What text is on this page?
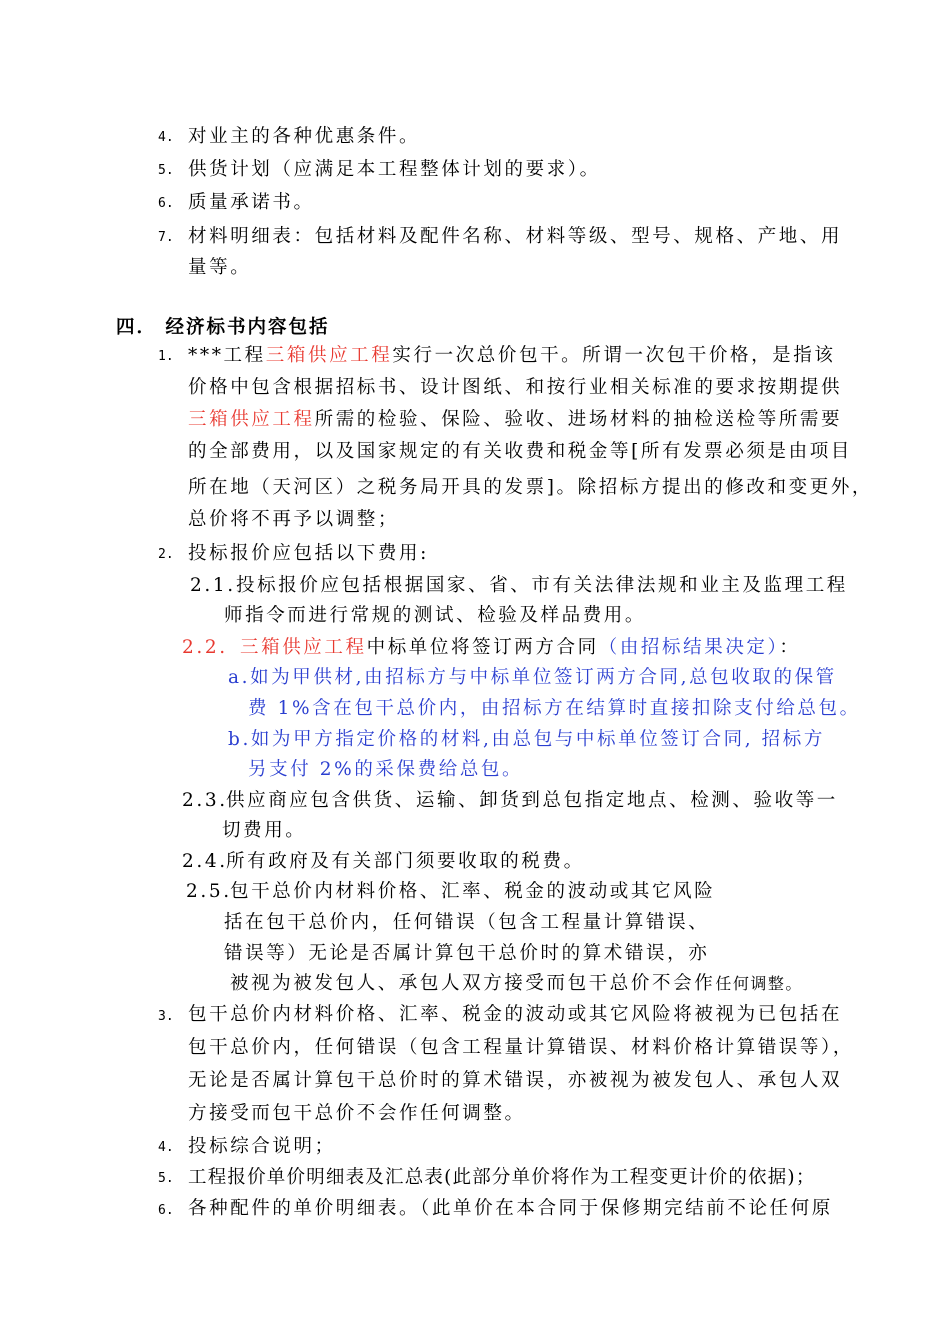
4. 对业主的各种优惠条件。
5. 供货计划（应满足本工程整体计划的要求）。
6. 质量承诺书。
7. 材料明细表：包括材料及配件名称、材料等级、型号、规格、产地、用
量等。
四． 经济标书内容包括
1. ***工程三箱供应工程实行一次总价包干。所谓一次包干价格，是指该
价格中包含根据招标书、设计图纸、和按行业相关标准的要求按期提供
三箱供应工程所需的检验、保险、验收、进场材料的抽检送检等所需要
的全部费用，以及国家规定的有关收费和税金等[所有发票必须是由项目
所在地（天河区）之税务局开具的发票]。除招标方提出的修改和变更外，
总价将不再予以调整；
2. 投标报价应包括以下费用:
2.1. 投标报价应包括根据国家、省、市有关法律法规和业主及监理工程
师指令而进行常规的测试、检验及样品费用。
2.2. 三箱供应工程中标单位将签订两方合同（由招标结果决定）：
a.如为甲供材,由招标方与中标单位签订两方合同,总包收取的保管
费 1%含在包干总价内，由招标方在结算时直接扣除支付给总包。
b.如为甲方指定价格的材料,由总包与中标单位签订合同, 招标方
另支付 2%的采保费给总包。
2.3.
供应商应包含供货、运输、卸货到总包指定地点、检测、验收等一
切费用。
2.4.
所有政府及有关部门须要收取的税费。
2.5.
包干总价内材料价格、汇率、税金的波动或其它风险
括在包干总价内，任何错误（包含工程量计算错误、
错误等）无论是否属计算包干总价时的算术错误，亦
被视为被发包人、承包人双方接受而包干总价不会作任何调整。
3. 包干总价内材料价格、汇率、税金的波动或其它风险将被视为已包括在
包干总价内，任何错误（包含工程量计算错误、材料价格计算错误等），
无论是否属计算包干总价时的算术错误，亦被视为被发包人、承包人双
方接受而包干总价不会作任何调整。
4. 投标综合说明；
5. 工程报价单价明细表及汇总表(此部分单价将作为工程变更计价的依据)；
6. 各种配件的单价明细表。（此单价在本合同于保修期完结前不论任何原
